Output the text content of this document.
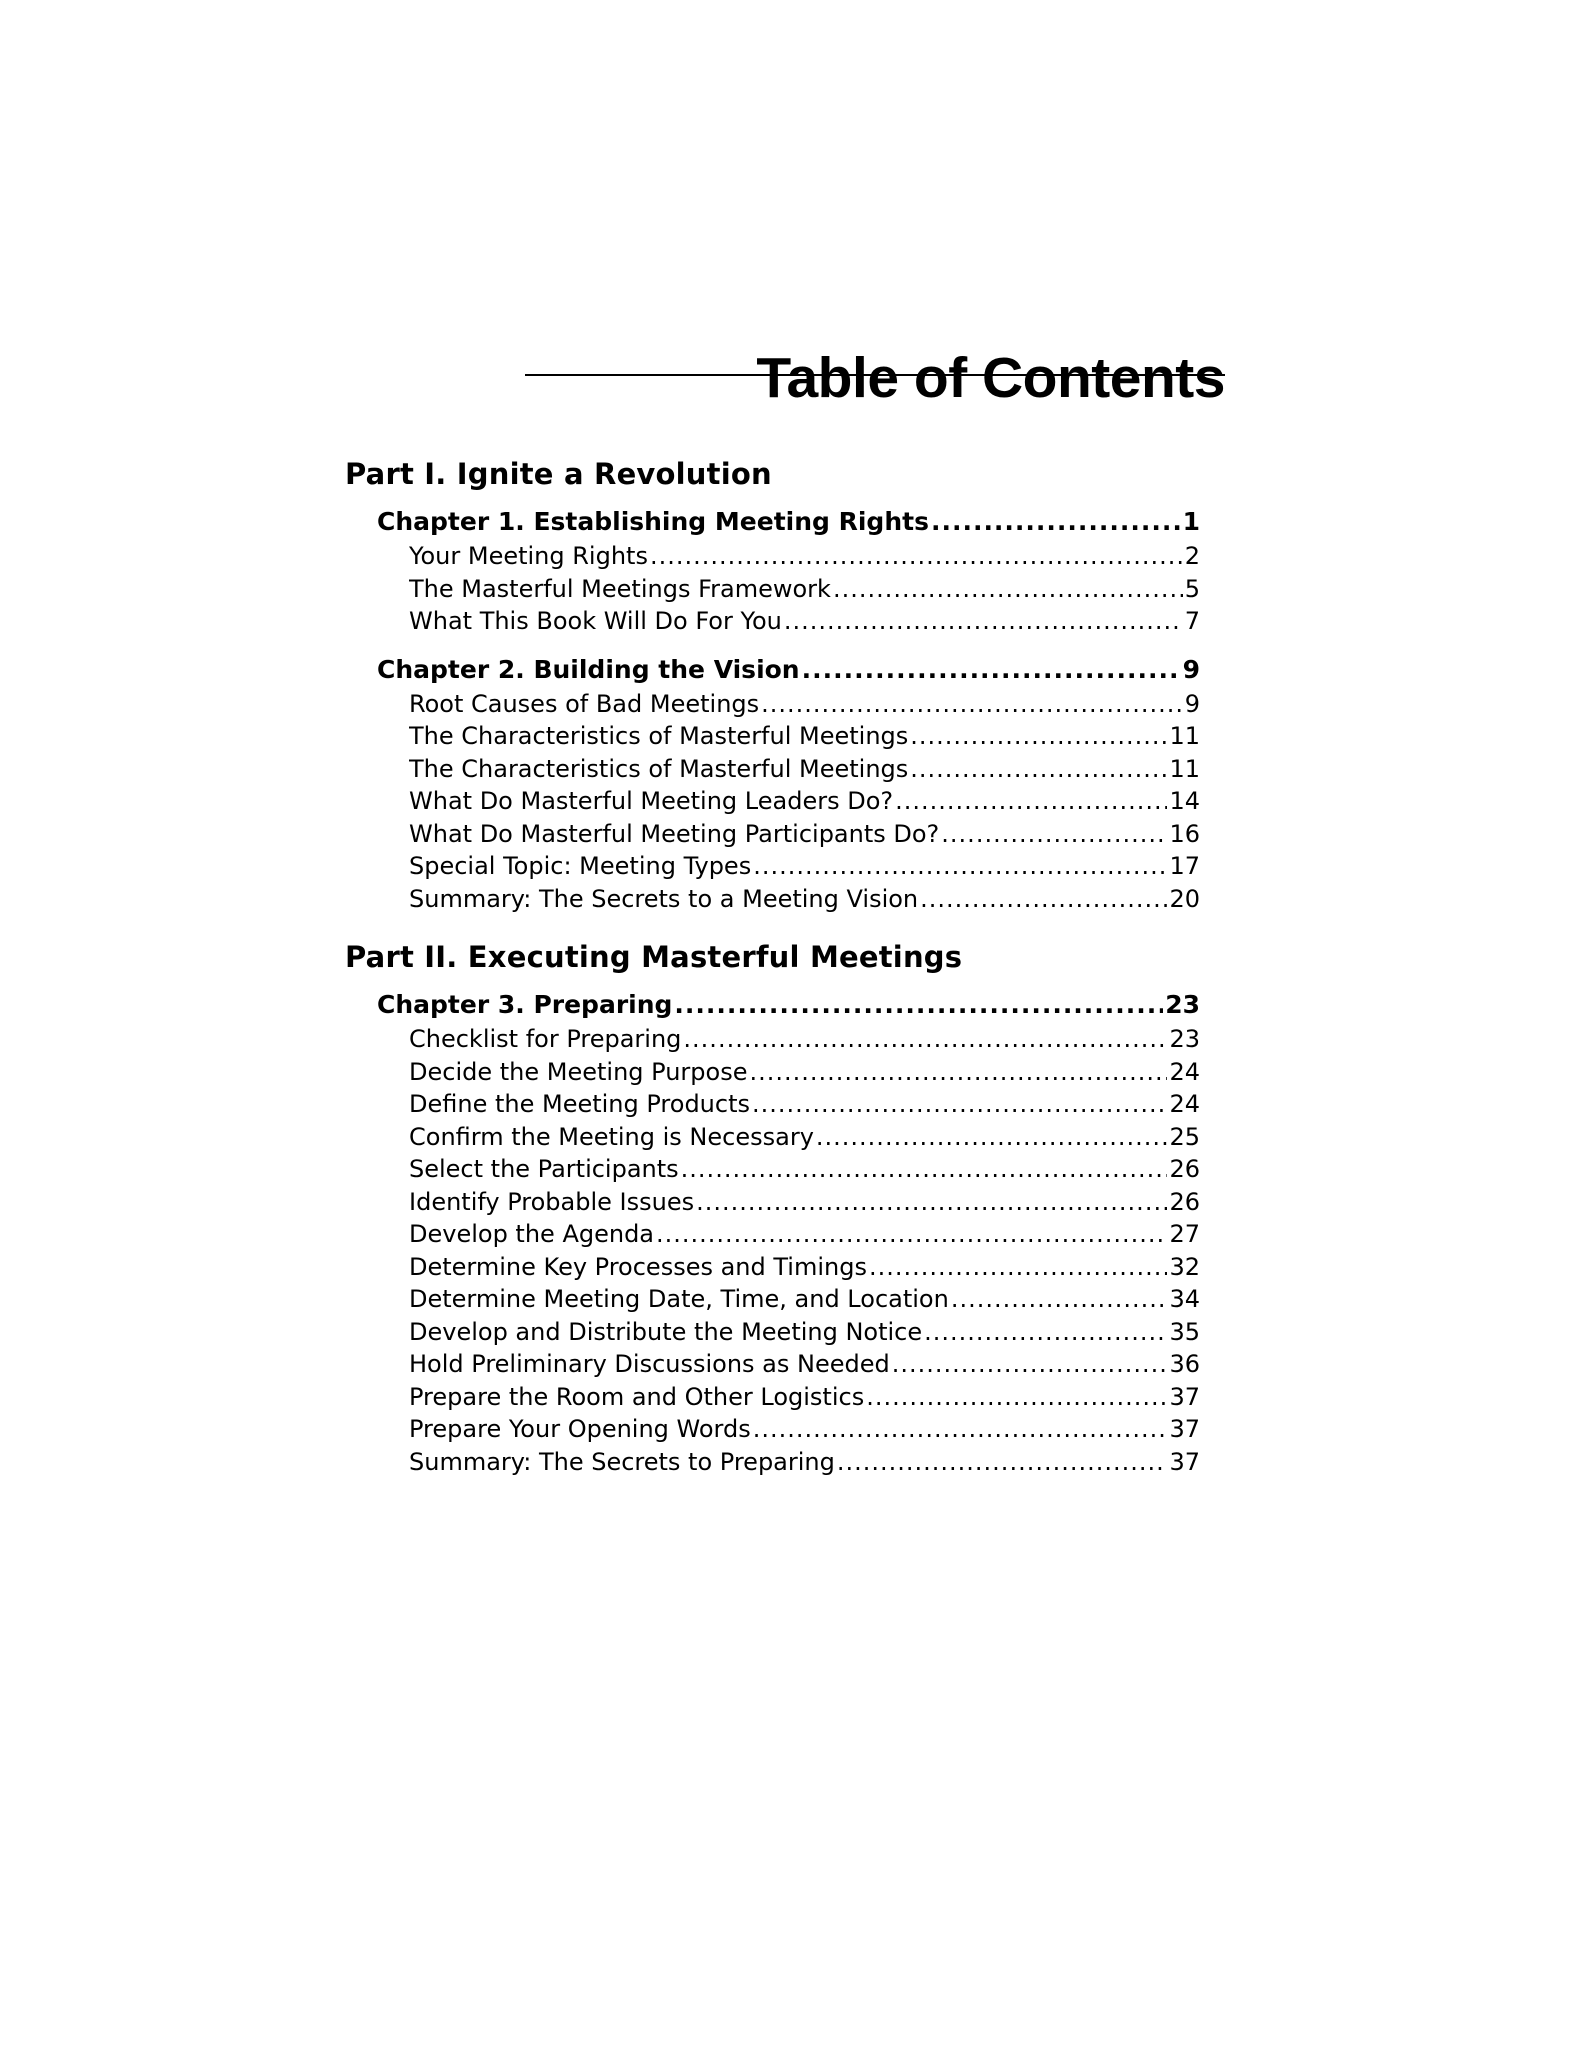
Table of Contents
Part I. Ignite a Revolution
Chapter 1. Establishing Meeting Rights .....	1
Your Meeting Rights .....	2
The Masterful Meetings Framework .....	5
What This Book Will Do For You .....	7
Chapter 2. Building the Vision .....	9
Root Causes of Bad Meetings .....	9
The Characteristics of Masterful Meetings .....	11
The Characteristics of Masterful Meetings .....	11
What Do Masterful Meeting Leaders Do? .....	14
What Do Masterful Meeting Participants Do? .....	16
Special Topic: Meeting Types .....	17
Summary: The Secrets to a Meeting Vision .....	20
Part II. Executing Masterful Meetings
Chapter 3. Preparing .....	23
Checklist for Preparing .....	23
Decide the Meeting Purpose .....	24
Define the Meeting Products .....	24
Confirm the Meeting is Necessary .....	25
Select the Participants .....	26
Identify Probable Issues .....	26
Develop the Agenda .....	27
Determine Key Processes and Timings .....	32
Determine Meeting Date, Time, and Location .....	34
Develop and Distribute the Meeting Notice .....	35
Hold Preliminary Discussions as Needed .....	36
Prepare the Room and Other Logistics .....	37
Prepare Your Opening Words .....	37
Summary: The Secrets to Preparing .....	37
